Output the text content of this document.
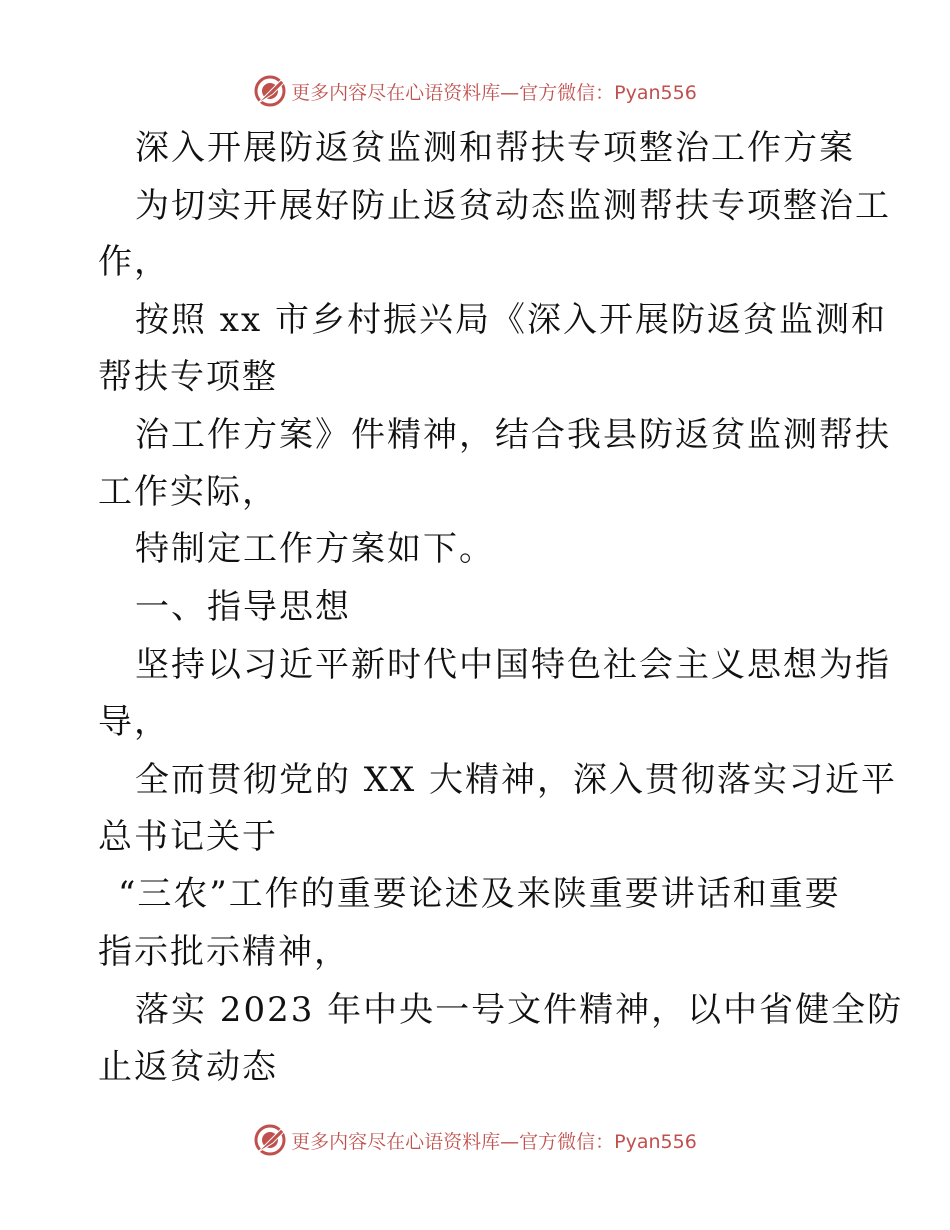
更多内容尽在心语资料库—官方微信：Pyan556
深入开展防返贫监测和帮扶专项整治工作方案
为切实开展好防止返贫动态监测帮扶专项整治工
作，
按照 xx 市乡村振兴局《深入开展防返贫监测和
帮扶专项整
治工作方案》件精神，结合我县防返贫监测帮扶
工作实际，
特制定工作方案如下。
一、指导思想
坚持以习近平新时代中国特色社会主义思想为指
导，
全而贯彻党的 XX 大精神，深入贯彻落实习近平
总书记关于
“三农”工作的重要论述及来陕重要讲话和重要
指示批示精神，
落实 2023 年中央一号文件精神，以中省健全防
止返贫动态
更多内容尽在心语资料库—官方微信：Pyan556
